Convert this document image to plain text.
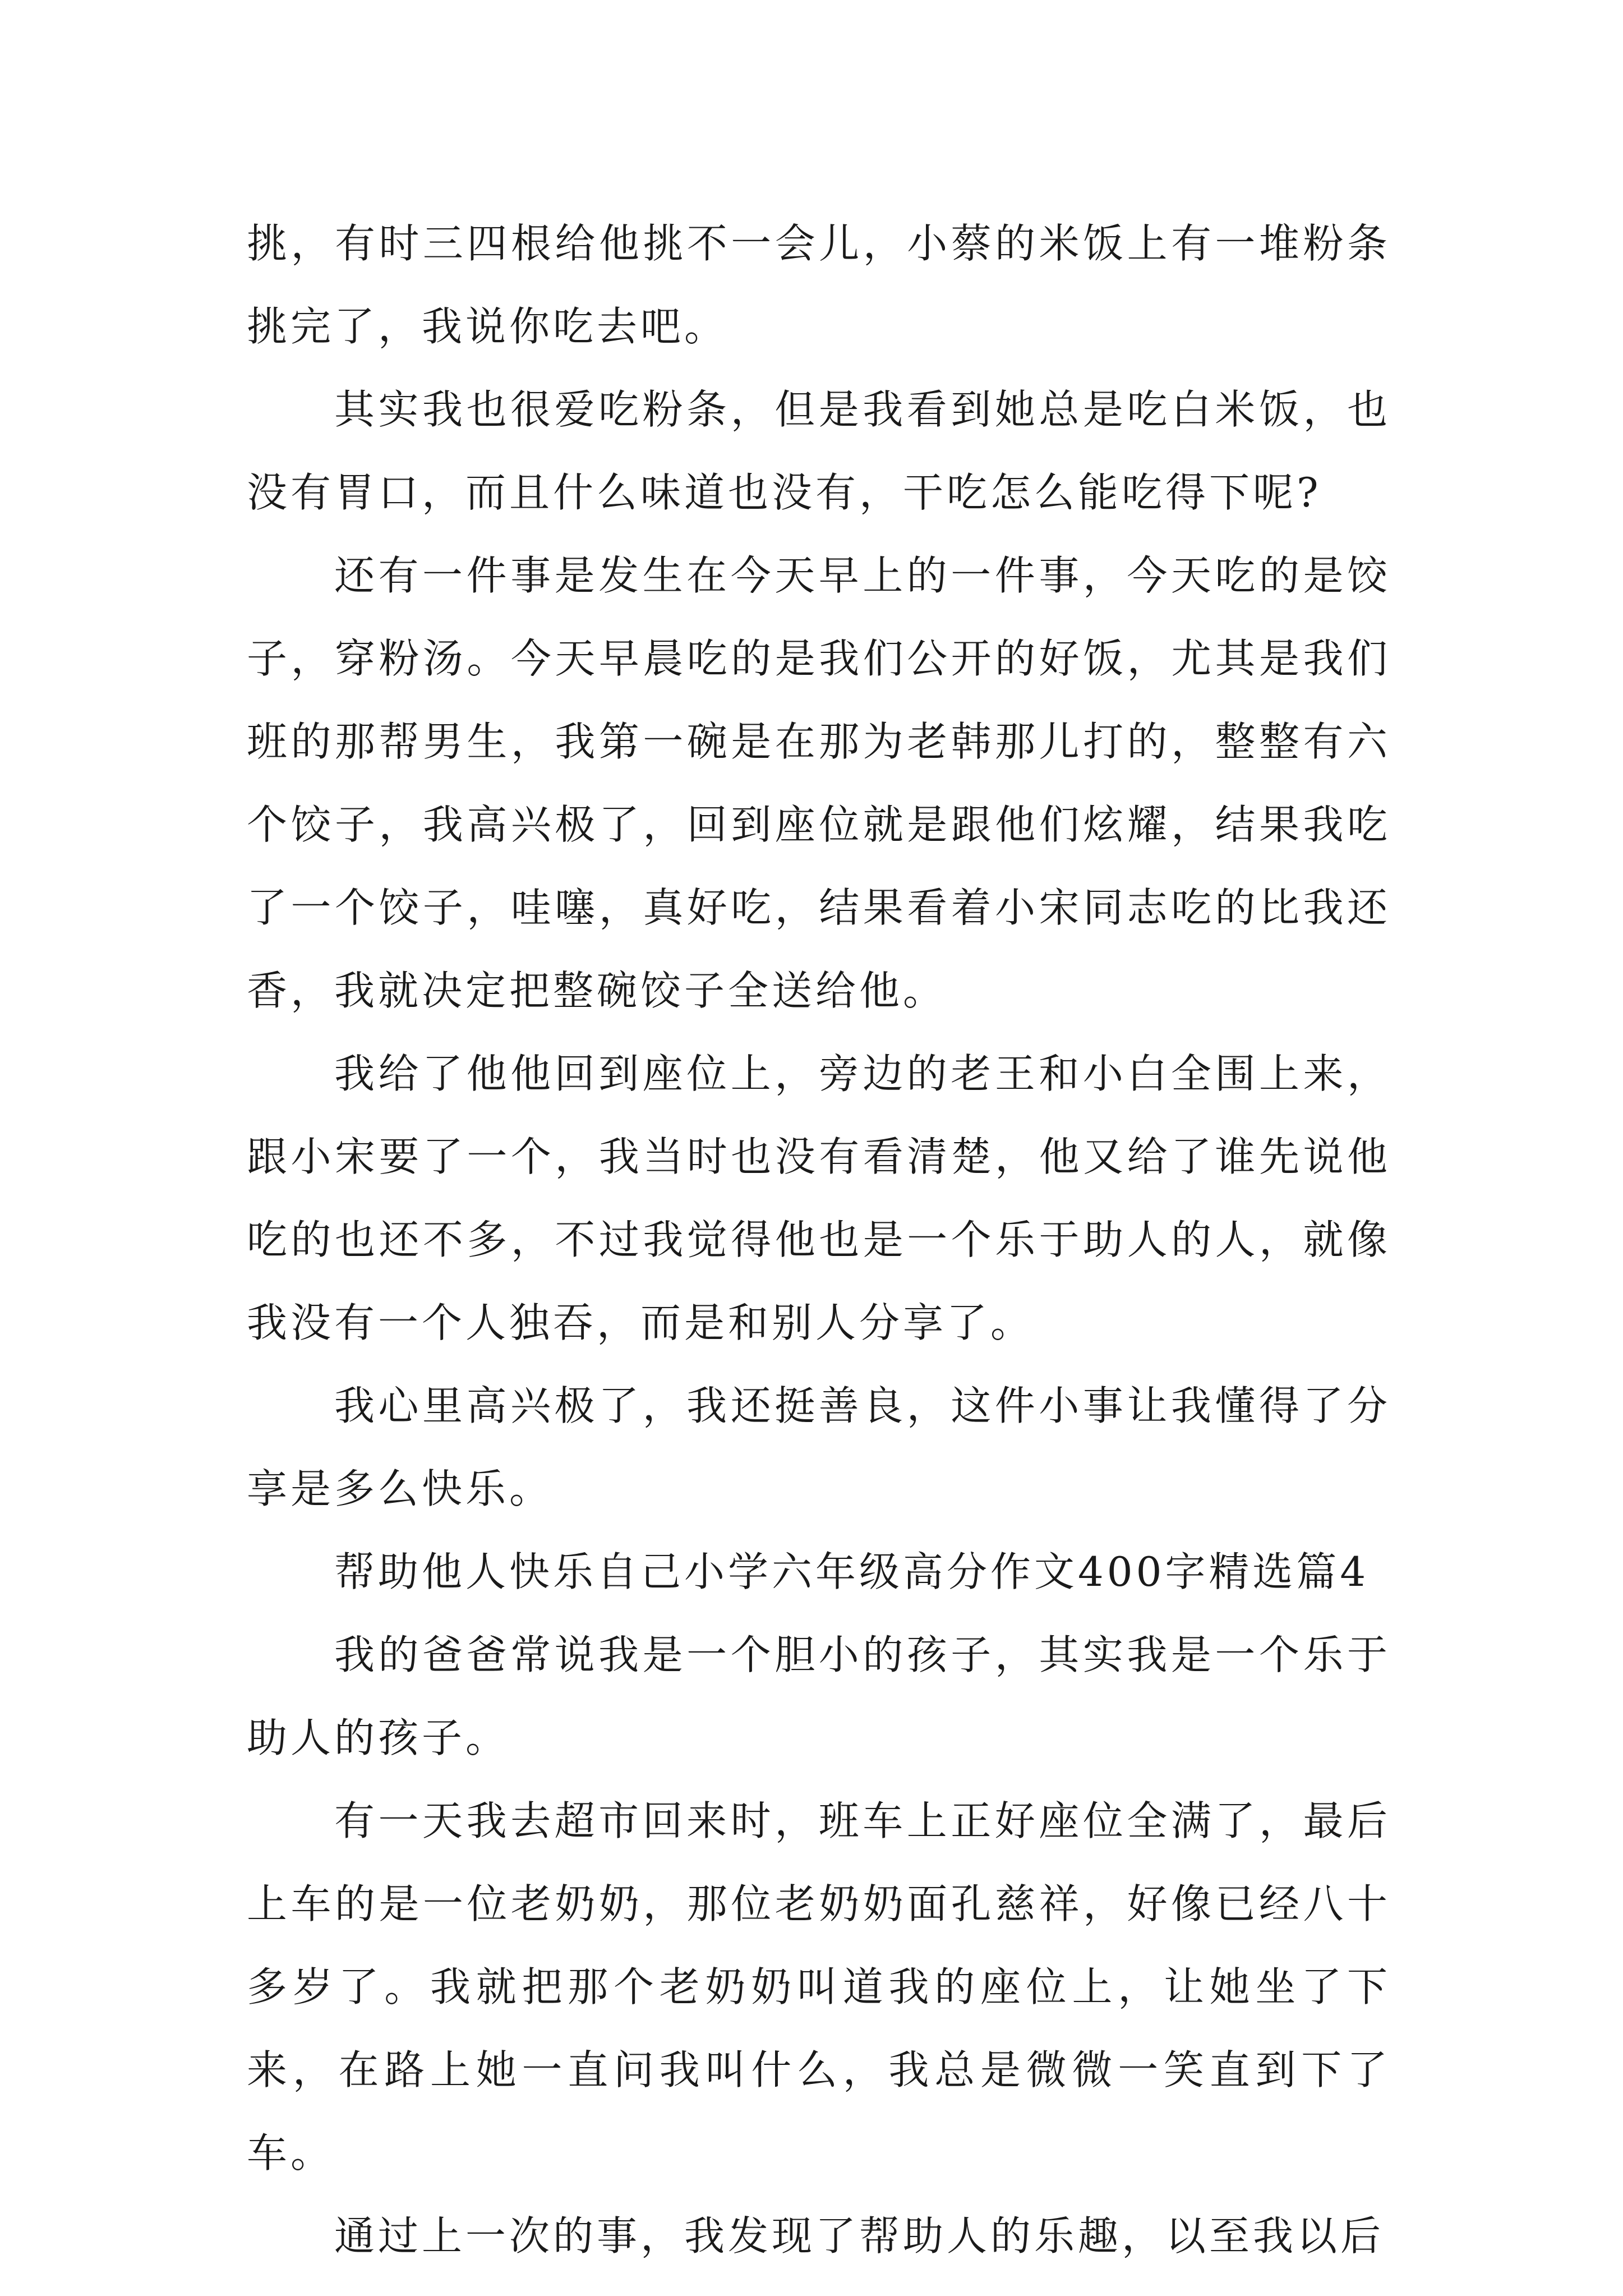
挑，有时三四根给他挑不一会儿，小蔡的米饭上有一堆粉条挑完了，我说你吃去吧。

其实我也很爱吃粉条，但是我看到她总是吃白米饭，也没有胃口，而且什么味道也没有，干吃怎么能吃得下呢?

还有一件事是发生在今天早上的一件事，今天吃的是饺子，穿粉汤。今天早晨吃的是我们公开的好饭，尤其是我们班的那帮男生，我第一碗是在那为老韩那儿打的，整整有六个饺子，我高兴极了，回到座位就是跟他们炫耀，结果我吃了一个饺子，哇噻，真好吃，结果看着小宋同志吃的比我还香，我就决定把整碗饺子全送给他。

我给了他他回到座位上，旁边的老王和小白全围上来，跟小宋要了一个，我当时也没有看清楚，他又给了谁先说他吃的也还不多，不过我觉得他也是一个乐于助人的人，就像我没有一个人独吞，而是和别人分享了。

我心里高兴极了，我还挺善良，这件小事让我懂得了分享是多么快乐。

帮助他人快乐自己小学六年级高分作文400字精选篇4

我的爸爸常说我是一个胆小的孩子，其实我是一个乐于助人的孩子。

有一天我去超市回来时，班车上正好座位全满了，最后上车的是一位老奶奶，那位老奶奶面孔慈祥，好像已经八十多岁了。我就把那个老奶奶叫道我的座位上，让她坐了下来，在路上她一直问我叫什么，我总是微微一笑直到下了车。

通过上一次的事，我发现了帮助人的乐趣，以至我以后
